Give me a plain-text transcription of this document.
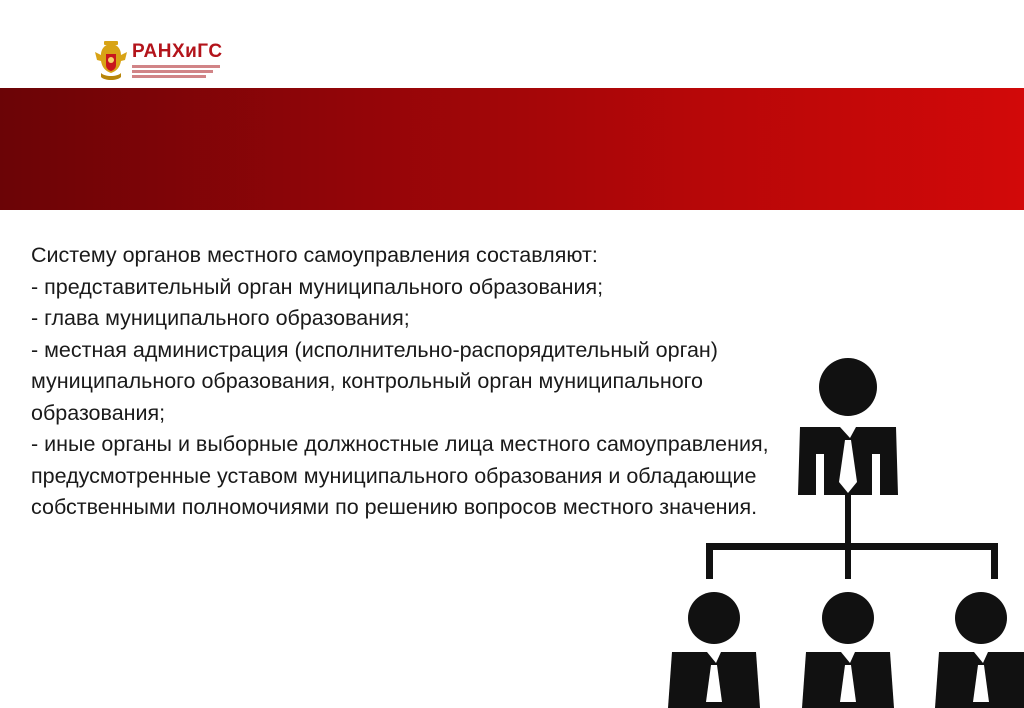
РАНХиГС
Систему органов местного самоуправления составляют:
- представительный орган муниципального образования;
- глава муниципального образования;
- местная администрация (исполнительно-распорядительный орган) муниципального образования, контрольный орган муниципального образования;
- иные органы и выборные должностные лица местного самоуправления, предусмотренные уставом муниципального образования и обладающие собственными полномочиями по решению вопросов местного значения.
